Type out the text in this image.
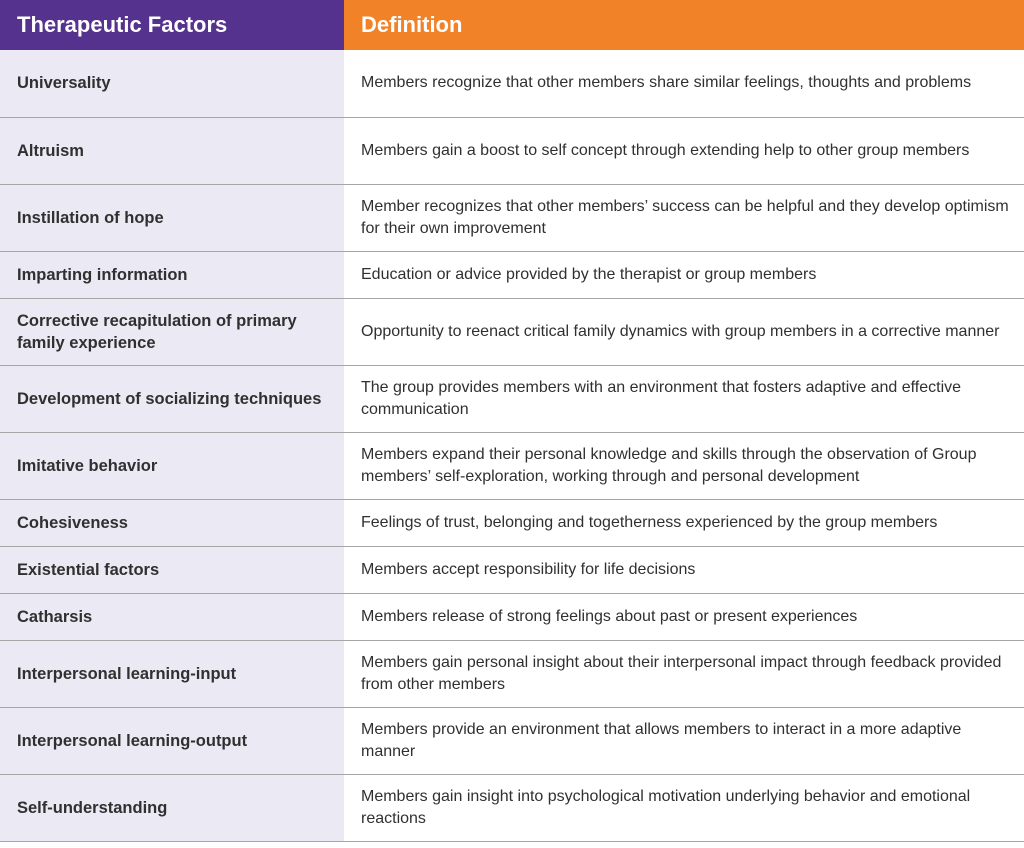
Therapeutic Factors	Definition
Universality	Members recognize that other members share similar feelings, thoughts and problems
Altruism	Members gain a boost to self concept through extending help to other group members
Instillation of hope	Member recognizes that other members’ success can be helpful and they develop optimism for their own improvement
Imparting information	Education or advice provided by the therapist or group members
Corrective recapitulation of primary family experience	Opportunity to reenact critical family dynamics with group members in a corrective manner
Development of socializing techniques	The group provides members with an environment that fosters adaptive and effective communication
Imitative behavior	Members expand their personal knowledge and skills through the observation of Group members’ self-exploration, working through and personal development
Cohesiveness	Feelings of trust, belonging and togetherness experienced by the group members
Existential factors	Members accept responsibility for life decisions
Catharsis	Members release of strong feelings about past or present experiences
Interpersonal learning-input	Members gain personal insight about their interpersonal impact through feedback provided from other members
Interpersonal learning-output	Members provide an environment that allows members to interact in a more adaptive manner
Self-understanding	Members gain insight into psychological motivation underlying behavior and emotional reactions
